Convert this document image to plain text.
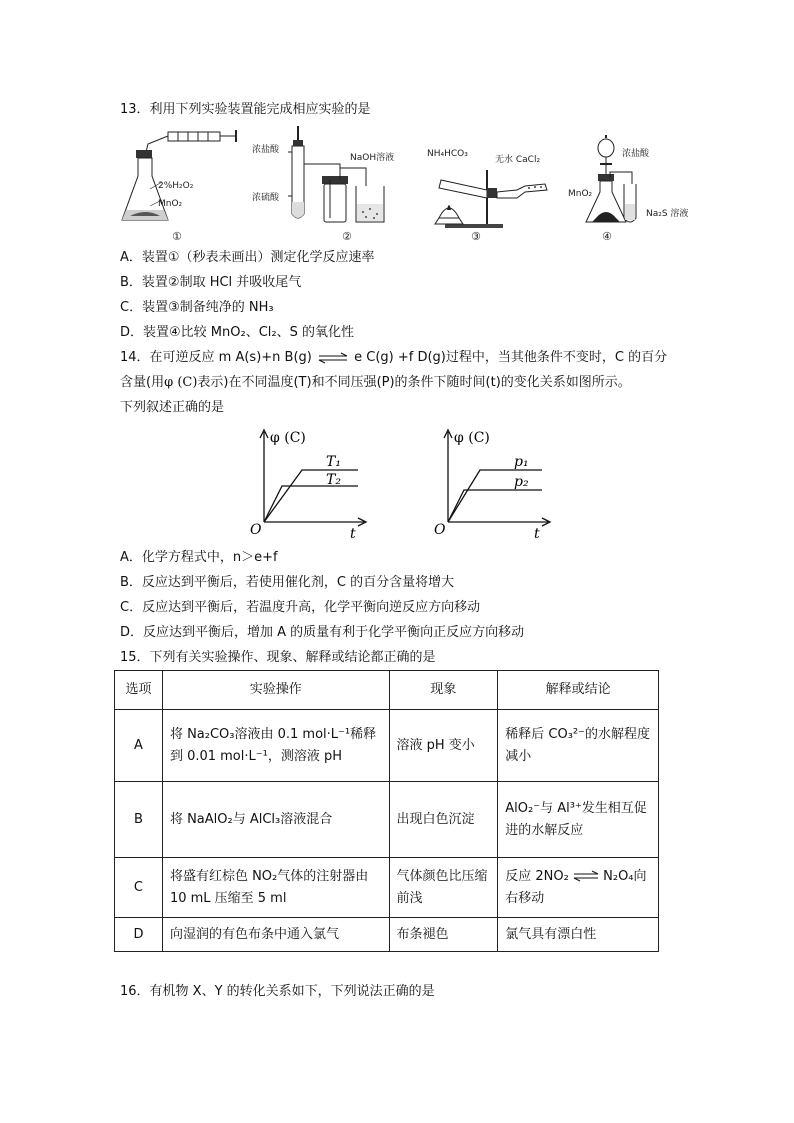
13．利用下列实验装置能完成相应实验的是
2%H₂O₂
MnO₂
①
浓盐酸
浓硫酸
NaOH溶液
②
NH₄HCO₃
无水 CaCl₂
③
浓盐酸
MnO₂
Na₂S 溶液
④
A．装置①（秒表未画出）测定化学反应速率
B．装置②制取 HCl 并吸收尾气
C．装置③制备纯净的 NH₃
D．装置④比较 MnO₂、Cl₂、S 的氧化性
14．在可逆反应 m A(s)+n B(g) ⇌ e C(g) +f D(g)过程中，当其他条件不变时，C 的百分
含量(用φ (C)表示)在不同温度(T)和不同压强(P)的条件下随时间(t)的变化关系如图所示。
下列叙述正确的是
φ (C)
O	t
T₁
T₂
φ (C)
O	t
p₁
p₂
A．化学方程式中，n＞e+f
B．反应达到平衡后，若使用催化剂，C 的百分含量将增大
C．反应达到平衡后，若温度升高，化学平衡向逆反应方向移动
D．反应达到平衡后，增加 A 的质量有利于化学平衡向正反应方向移动
15．下列有关实验操作、现象、解释或结论都正确的是
选项	实验操作	现象	解释或结论
A	将 Na₂CO₃溶液由 0.1 mol·L⁻¹稀释到 0.01 mol·L⁻¹，测溶液 pH	溶液 pH 变小	稀释后 CO₃²⁻的水解程度减小
B	将 NaAlO₂与 AlCl₃溶液混合	出现白色沉淀	AlO₂⁻与 Al³⁺发生相互促进的水解反应
C	将盛有红棕色 NO₂气体的注射器由 10 mL 压缩至 5 ml	气体颜色比压缩前浅	反应 2NO₂ ⇌ N₂O₄向右移动
D	向湿润的有色布条中通入氯气	布条褪色	氯气具有漂白性
16．有机物 X、Y 的转化关系如下，下列说法正确的是
